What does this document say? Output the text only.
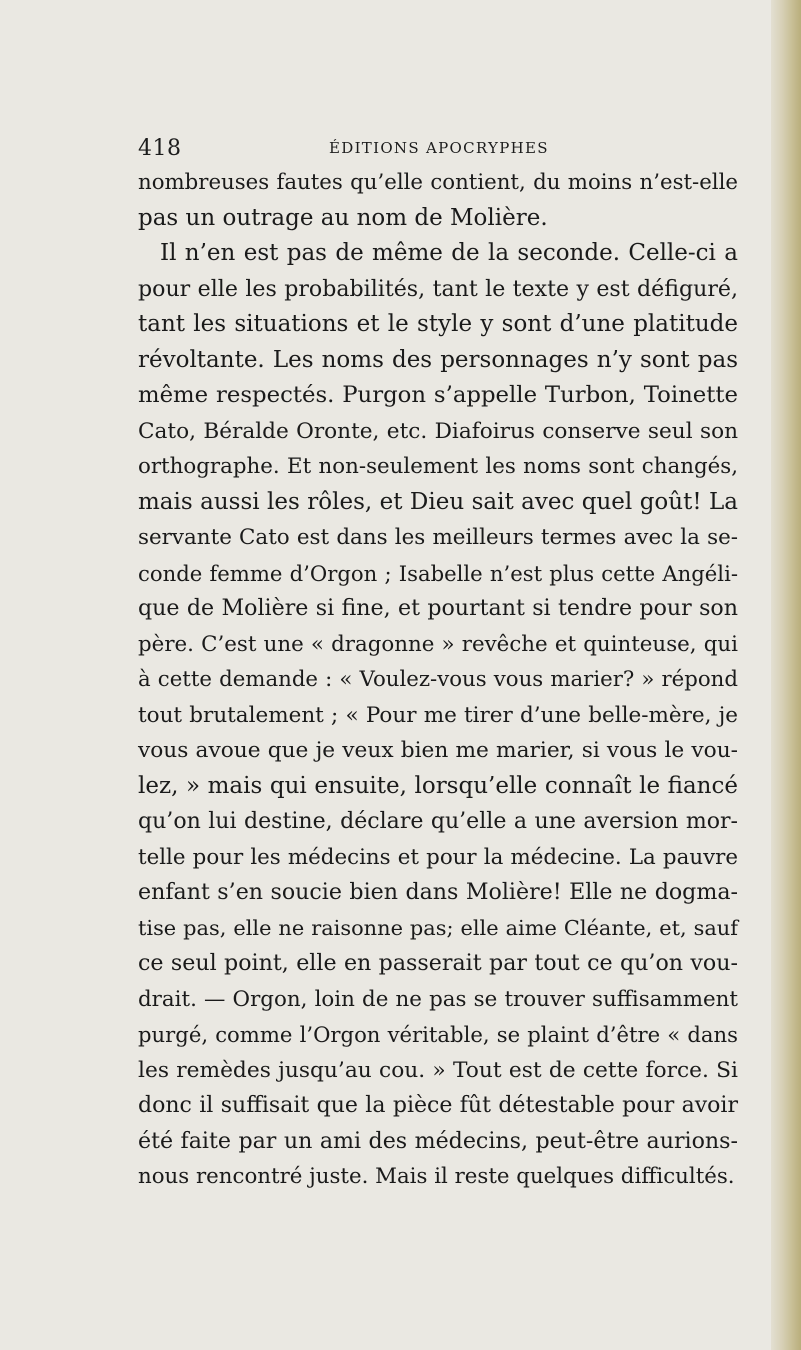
418	ÉDITIONS APOCRYPHES
nombreuses fautes qu’elle contient, du moins n’est-elle
pas un outrage au nom de Molière.
Il n’en est pas de même de la seconde. Celle-ci a
pour elle les probabilités, tant le texte y est défiguré,
tant les situations et le style y sont d’une platitude
révoltante. Les noms des personnages n’y sont pas
même respectés. Purgon s’appelle Turbon, Toinette
Cato, Béralde Oronte, etc. Diafoirus conserve seul son
orthographe. Et non-seulement les noms sont changés,
mais aussi les rôles, et Dieu sait avec quel goût! La
servante Cato est dans les meilleurs termes avec la se-
conde femme d’Orgon ; Isabelle n’est plus cette Angéli-
que de Molière si fine, et pourtant si tendre pour son
père. C’est une « dragonne » revêche et quinteuse, qui
à cette demande : « Voulez-vous vous marier? » répond
tout brutalement ; « Pour me tirer d’une belle-mère, je
vous avoue que je veux bien me marier, si vous le vou-
lez, » mais qui ensuite, lorsqu’elle connaît le fiancé
qu’on lui destine, déclare qu’elle a une aversion mor-
telle pour les médecins et pour la médecine. La pauvre
enfant s’en soucie bien dans Molière! Elle ne dogma-
tise pas, elle ne raisonne pas; elle aime Cléante, et, sauf
ce seul point, elle en passerait par tout ce qu’on vou-
drait. — Orgon, loin de ne pas se trouver suffisamment
purgé, comme l’Orgon véritable, se plaint d’être « dans
les remèdes jusqu’au cou. » Tout est de cette force. Si
donc il suffisait que la pièce fût détestable pour avoir
été faite par un ami des médecins, peut-être aurions-
nous rencontré juste. Mais il reste quelques difficultés.
